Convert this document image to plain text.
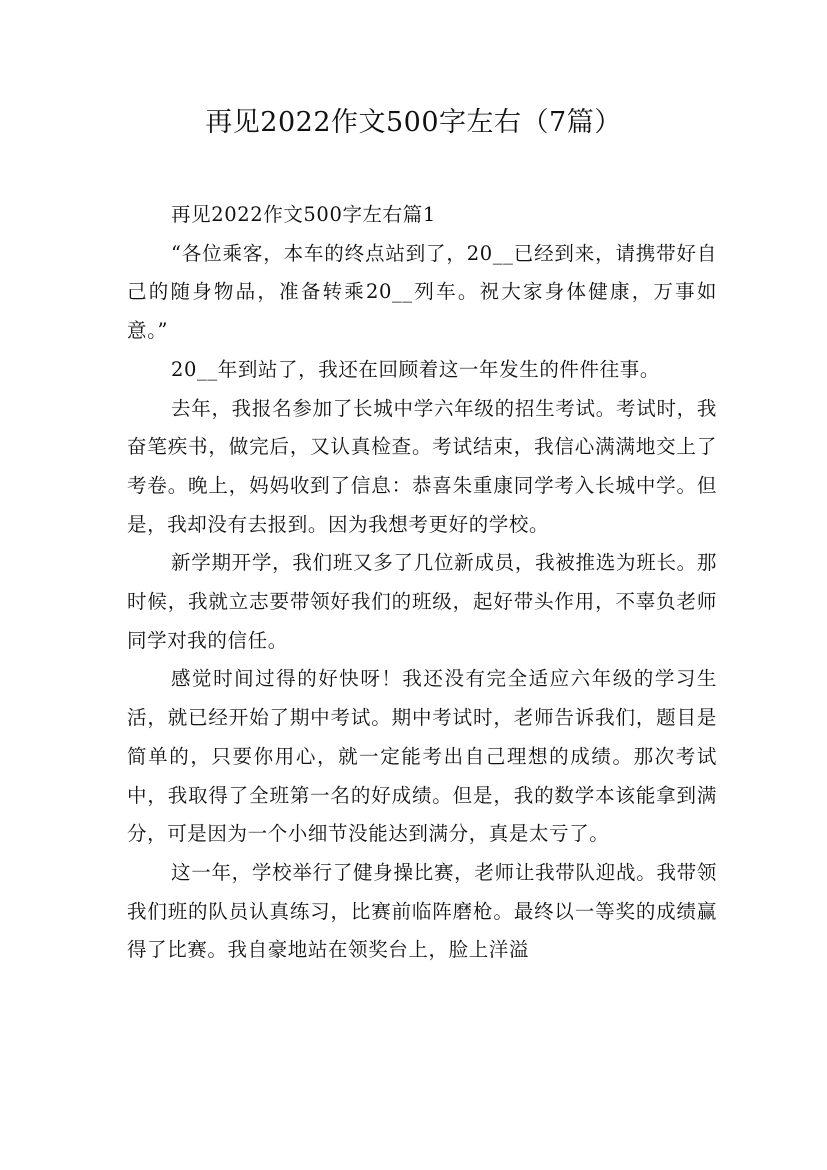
再见2022作文500字左右（7篇）

再见2022作文500字左右篇1

“各位乘客，本车的终点站到了，20__已经到来，请携带好自己的随身物品，准备转乘20__列车。祝大家身体健康，万事如意。”

20__年到站了，我还在回顾着这一年发生的件件往事。

去年，我报名参加了长城中学六年级的招生考试。考试时，我奋笔疾书，做完后，又认真检查。考试结束，我信心满满地交上了考卷。晚上，妈妈收到了信息：恭喜朱重康同学考入长城中学。但是，我却没有去报到。因为我想考更好的学校。

新学期开学，我们班又多了几位新成员，我被推选为班长。那时候，我就立志要带领好我们的班级，起好带头作用，不辜负老师同学对我的信任。

感觉时间过得的好快呀！我还没有完全适应六年级的学习生活，就已经开始了期中考试。期中考试时，老师告诉我们，题目是简单的，只要你用心，就一定能考出自己理想的成绩。那次考试中，我取得了全班第一名的好成绩。但是，我的数学本该能拿到满分，可是因为一个小细节没能达到满分，真是太亏了。

这一年，学校举行了健身操比赛，老师让我带队迎战。我带领我们班的队员认真练习，比赛前临阵磨枪。最终以一等奖的成绩赢得了比赛。我自豪地站在领奖台上，脸上洋溢
